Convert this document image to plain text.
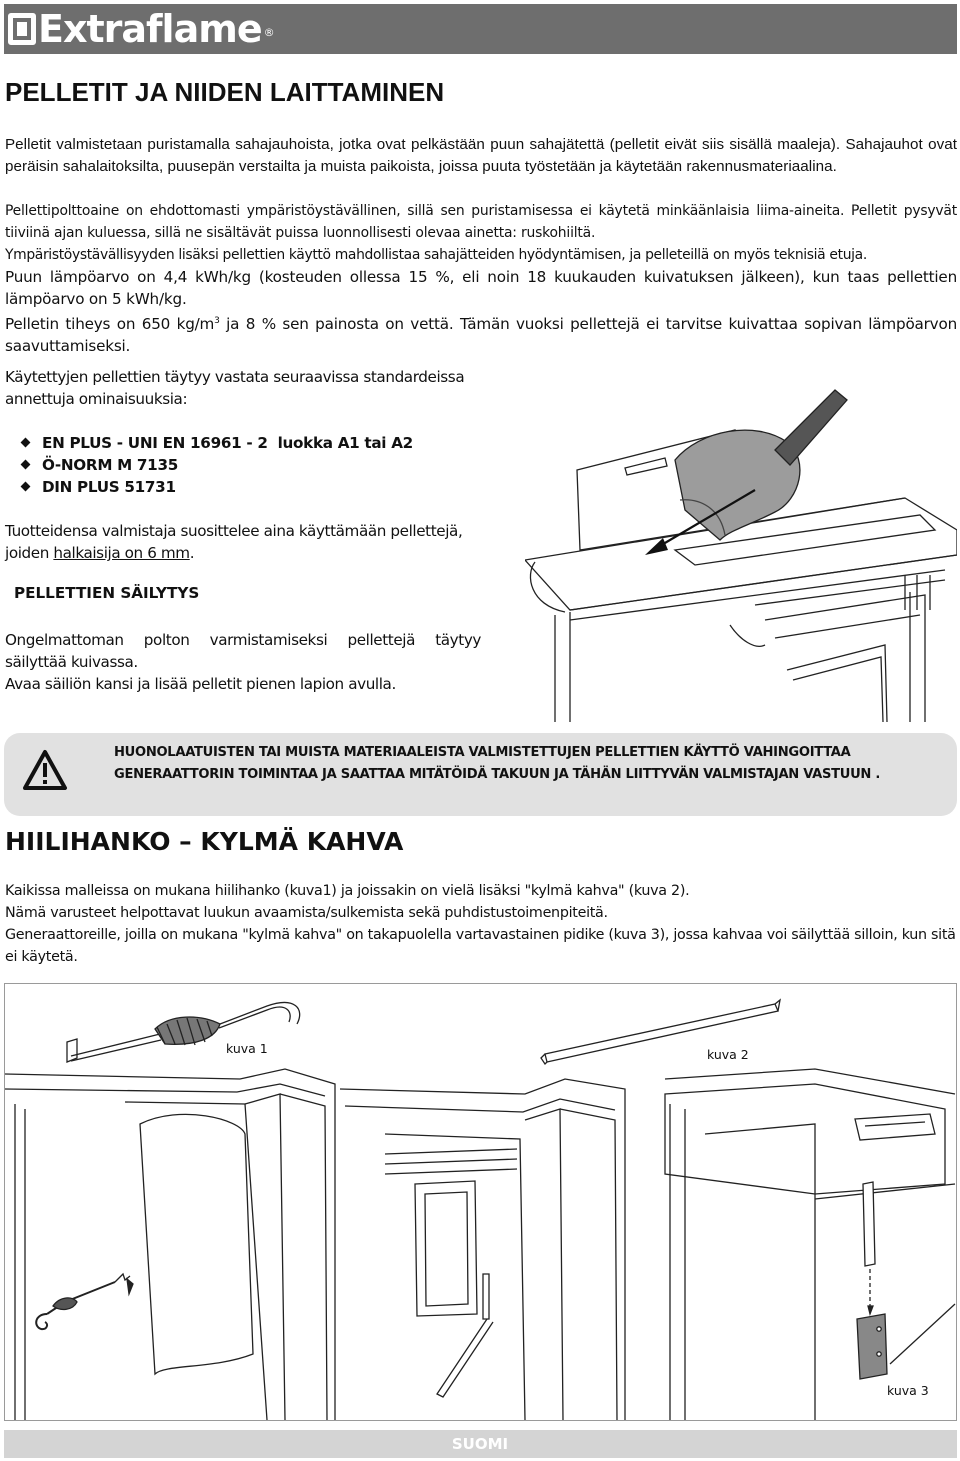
Extraflame ®
PELLETIT JA NIIDEN LAITTAMINEN

Pelletit valmistetaan puristamalla sahajauhoista, jotka ovat pelkästään puun sahajätettä (pelletit eivät siis sisällä maaleja). Sahajauhot ovat peräisin sahalaitoksilta, puusepän verstailta ja muista paikoista, joissa puuta työstetään ja käytetään rakennusmateriaalina.

Pellettipolttoaine on ehdottomasti ympäristöystävällinen, sillä sen puristamisessa ei käytetä minkäänlaisia liima-aineita. Pelletit pysyvät tiiviinä ajan kuluessa, sillä ne sisältävät puissa luonnollisesti olevaa ainetta: ruskohiiltä.
Ympäristöystävällisyyden lisäksi pellettien käyttö mahdollistaa sahajätteiden hyödyntämisen, ja pelleteillä on myös teknisiä etuja.
Puun lämpöarvo on 4,4 kWh/kg (kosteuden ollessa 15 %, eli noin 18 kuukauden kuivatuksen jälkeen), kun taas pellettien lämpöarvo on 5 kWh/kg.
Pelletin tiheys on 650 $kg/m^3$ ja 8 % sen painosta on vettä. Tämän vuoksi pellettejä ei tarvitse kuivattaa sopivan lämpöarvon saavuttamiseksi.
Käytettyjen pellettien täytyy vastata seuraavissa standardeissa annettuja ominaisuuksia:
EN PLUS - UNI EN 16961 - 2  luokka A1 tai A2
Ö-NORM M 7135
DIN PLUS 51731
Tuotteidensa valmistaja suosittelee aina käyttämään pellettejä, joiden halkaisija on 6 mm.
PELLETTIEN SÄILYTYS
Ongelmattoman polton varmistamiseksi pellettejä täytyy säilyttää kuivassa.
Avaa säiliön kansi ja lisää pelletit pienen lapion avulla.
HUONOLAATUISTEN TAI MUISTA MATERIAALEISTA VALMISTETTUJEN PELLETTIEN KÄYTTÖ VAHINGOITTAA GENERAATTORIN TOIMINTAA JA SAATTAA MITÄTÖIDÄ TAKUUN JA TÄHÄN LIITTYVÄN VALMISTAJAN VASTUUN .
HIILIHANKO – KYLMÄ KAHVA
Kaikissa malleissa on mukana hiilihanko (kuva1) ja joissakin on vielä lisäksi "kylmä kahva" (kuva 2).
Nämä varusteet helpottavat luukun avaamista/sulkemista sekä puhdistustoimenpiteitä.
Generaattoreille, joilla on mukana "kylmä kahva" on takapuolella vartavastainen pidike (kuva 3), jossa kahvaa voi säilyttää silloin, kun sitä ei käytetä.
kuva 1	kuva 2
kuva 3
SUOMI
